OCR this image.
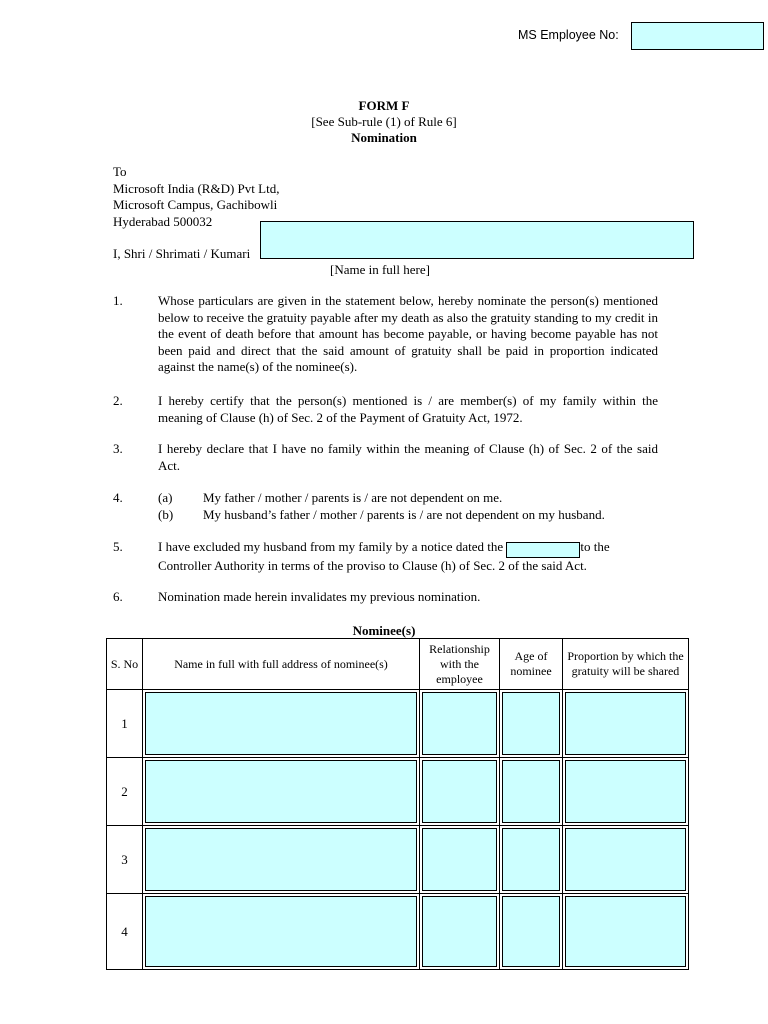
MS Employee No:
FORM F
[See Sub-rule (1) of Rule 6]
Nomination
To
Microsoft India (R&D) Pvt Ltd,
Microsoft Campus, Gachibowli
Hyderabad 500032
I, Shri / Shrimati / Kumari
[Name in full here]
1.	Whose particulars are given in the statement below, hereby nominate the person(s) mentioned below to receive the gratuity payable after my death as also the gratuity standing to my credit in the event of death before that amount has become payable, or having become payable has not been paid and direct that the said amount of gratuity shall be paid in proportion indicated against the name(s) of the nominee(s).
2.	I hereby certify that the person(s) mentioned is / are member(s) of my family within the meaning of Clause (h) of Sec. 2 of the Payment of Gratuity Act, 1972.
3.	I hereby declare that I have no family within the meaning of Clause (h) of Sec. 2 of the said Act.
4.	(a)	My father / mother / parents is / are not dependent on me.
(b)	My husband’s father / mother / parents is / are not dependent on my husband.
5.	I have excluded my husband from my family by a notice dated the	to the Controller Authority in terms of the proviso to Clause (h) of Sec. 2 of the said Act.
6.	Nomination made herein invalidates my previous nomination.
Nominee(s)
S. No	Name in full with full address of nominee(s)	Relationship with the employee	Age of nominee	Proportion by which the gratuity will be shared
1	

2	

3	

4	
